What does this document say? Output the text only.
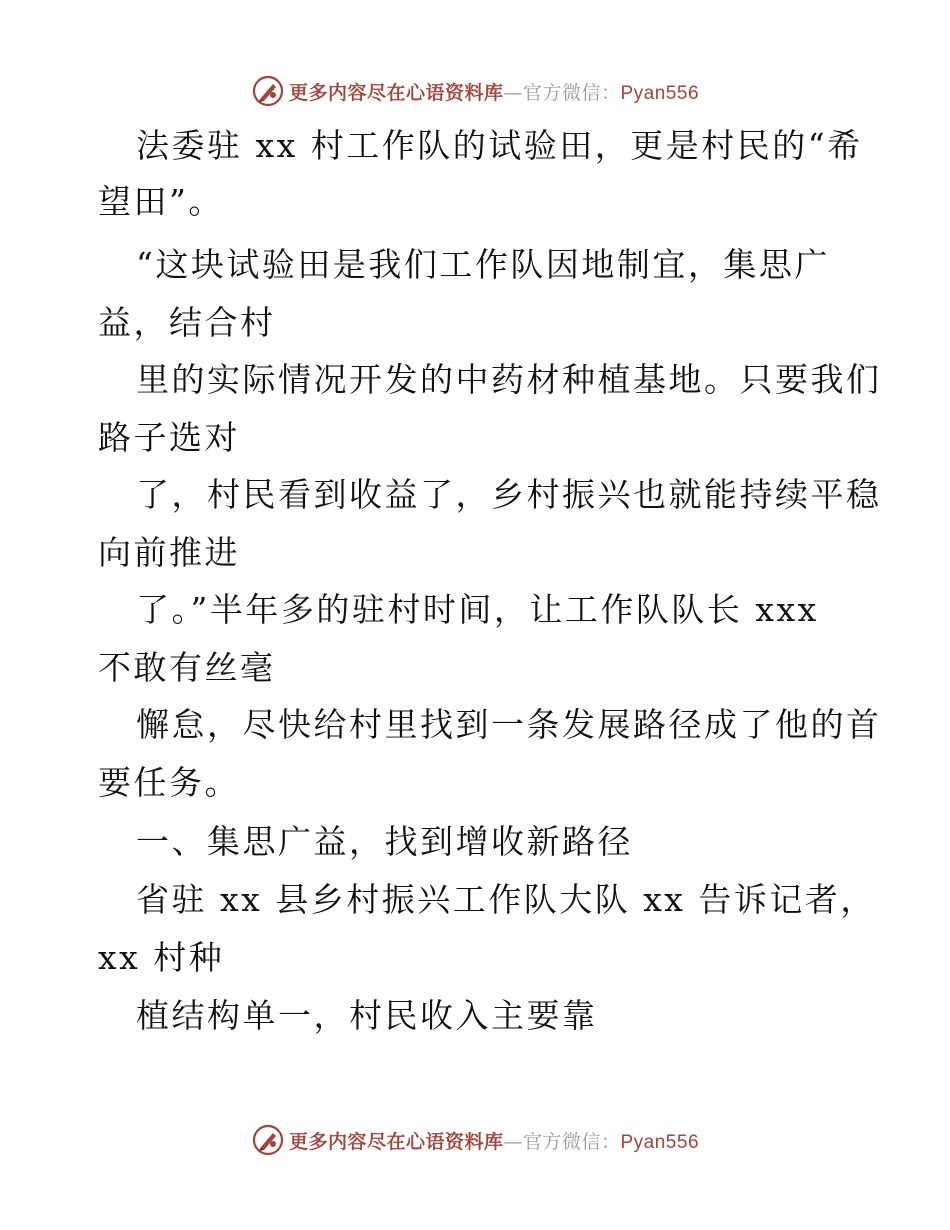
更多内容尽在心语资料库—官方微信：Pyan556
法委驻 xx 村工作队的试验田，更是村民的“希
望田”。
“这块试验田是我们工作队因地制宜，集思广
益，结合村
里的实际情况开发的中药材种植基地。只要我们
路子选对
了，村民看到收益了，乡村振兴也就能持续平稳
向前推进
了。”半年多的驻村时间，让工作队队长 xxx
不敢有丝毫
懈怠，尽快给村里找到一条发展路径成了他的首
要任务。
一、集思广益，找到增收新路径
省驻 xx 县乡村振兴工作队大队 xx 告诉记者，
xx 村种
植结构单一，村民收入主要靠
更多内容尽在心语资料库—官方微信：Pyan556
